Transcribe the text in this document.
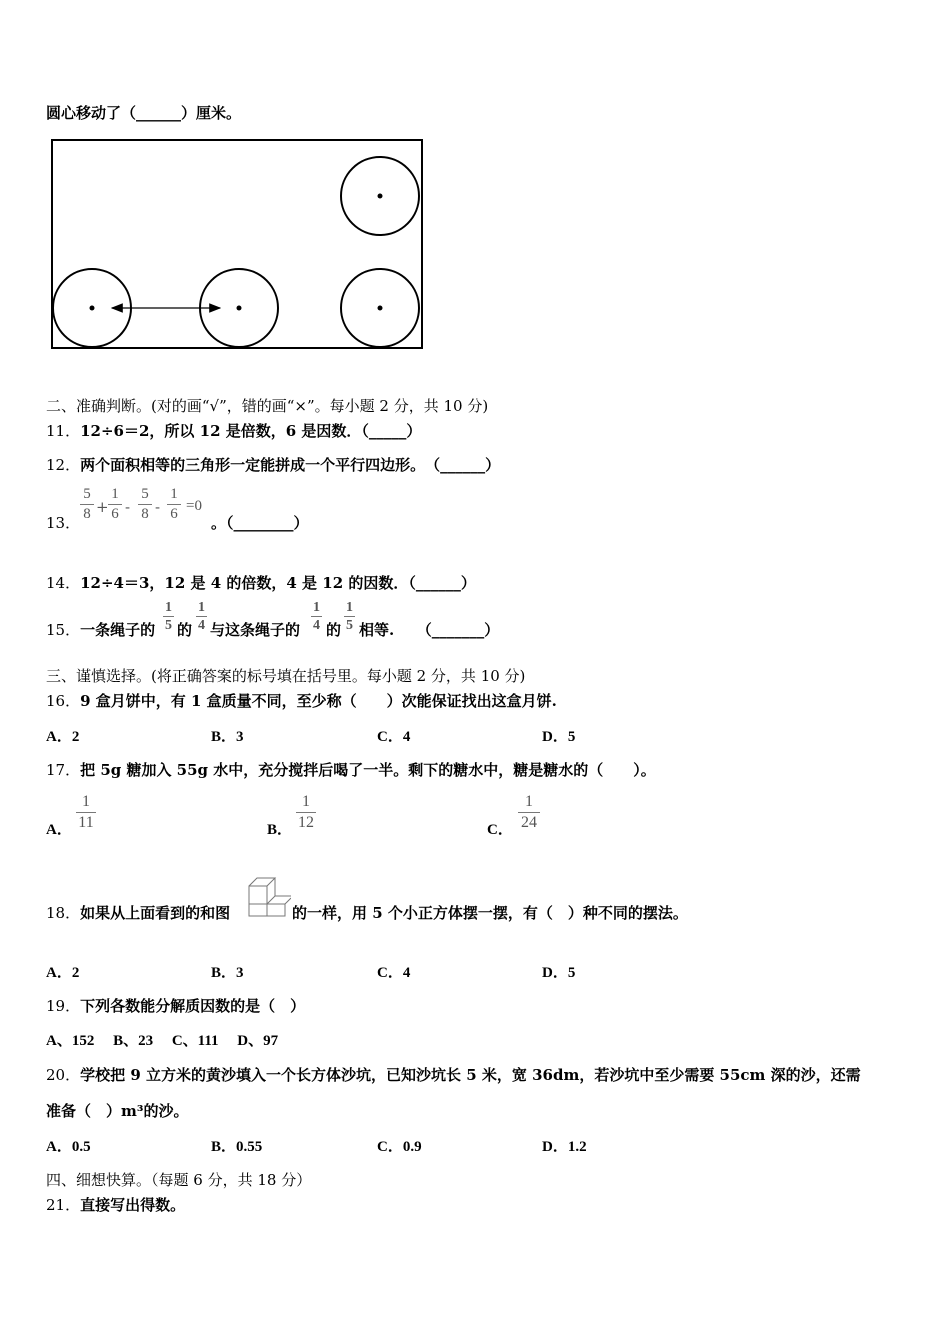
圆心移动了（______）厘米。
二、准确判断。(对的画“√”，错的画“×”。每小题 2 分，共 10 分)
11．12÷6＝2，所以 12 是倍数，6 是因数．（_____）
12．两个面积相等的三角形一定能拼成一个平行四边形。　（______）
13．
5
8 +
1
6 -
5
8 -
1
6 =0
。（________）
14．12÷4＝3，12 是 4 的倍数，4 是 12 的因数．（______）
15．一条绳子的
1
5 的
1
4 与这条绳子的
1
4 的
1
5 相等.　　（_______）
三、谨慎选择。(将正确答案的标号填在括号里。每小题 2 分，共 10 分)
16．9 盒月饼中，有 1 盒质量不同，至少称（　　）次能保证找出这盒月饼.
A．2	B．3	C．4	D．5
17．把 5g 糖加入 55g 水中，充分搅拌后喝了一半。剩下的糖水中，糖是糖水的（　　）。
A．
1
11	B．
1
12	C．
1
24
18．如果从上面看到的和图	的一样，用 5 个小正方体摆一摆，有（　）种不同的摆法。
A．2	B．3	C．4	D．5
19．下列各数能分解质因数的是（　）
A、152　 B、23　 C、111　 D、97
20．学校把 9 立方米的黄沙填入一个长方体沙坑，已知沙坑长 5 米，宽 36dm，若沙坑中至少需要 55cm 深的沙，还需
准备（　）m³的沙。
A．0.5	B．0.55	C．0.9	D．1.2
四、细想快算。（每题 6 分，共 18 分）
21．直接写出得数。
